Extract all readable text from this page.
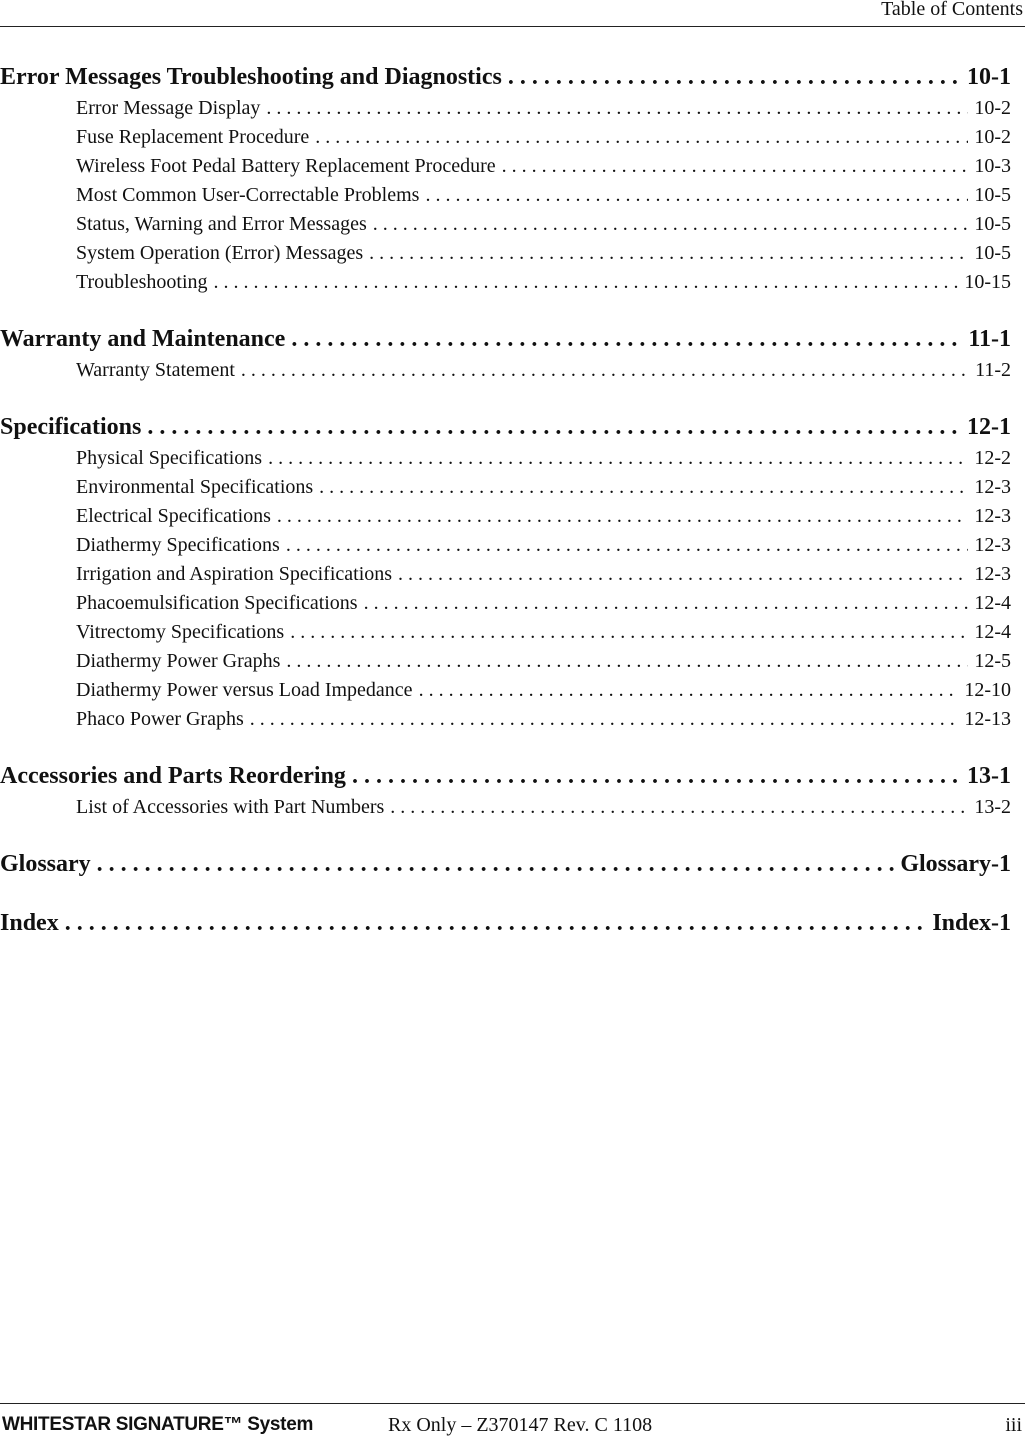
Table of Contents
Error Messages Troubleshooting and Diagnostics . . .	10-1
Error Message Display . . .	10-2
Fuse Replacement Procedure . . .	10-2
Wireless Foot Pedal Battery Replacement Procedure . . .	10-3
Most Common User-Correctable Problems . . .	10-5
Status, Warning and Error Messages . . .	10-5
System Operation (Error) Messages . . .	10-5
Troubleshooting . . .	10-15
Warranty and Maintenance . . .	11-1
Warranty Statement . . .	11-2
Specifications . . .	12-1
Physical Specifications . . .	12-2
Environmental Specifications . . .	12-3
Electrical Specifications . . .	12-3
Diathermy Specifications . . .	12-3
Irrigation and Aspiration Specifications . . .	12-3
Phacoemulsification Specifications . . .	12-4
Vitrectomy Specifications . . .	12-4
Diathermy Power Graphs . . .	12-5
Diathermy Power versus Load Impedance . . .	12-10
Phaco Power Graphs . . .	12-13
Accessories and Parts Reordering . . .	13-1
List of Accessories with Part Numbers . . .	13-2
Glossary . . .	Glossary-1
Index . . .	Index-1
WHITESTAR SIGNATURE™ System	Rx Only – Z370147 Rev. C 1108	iii
